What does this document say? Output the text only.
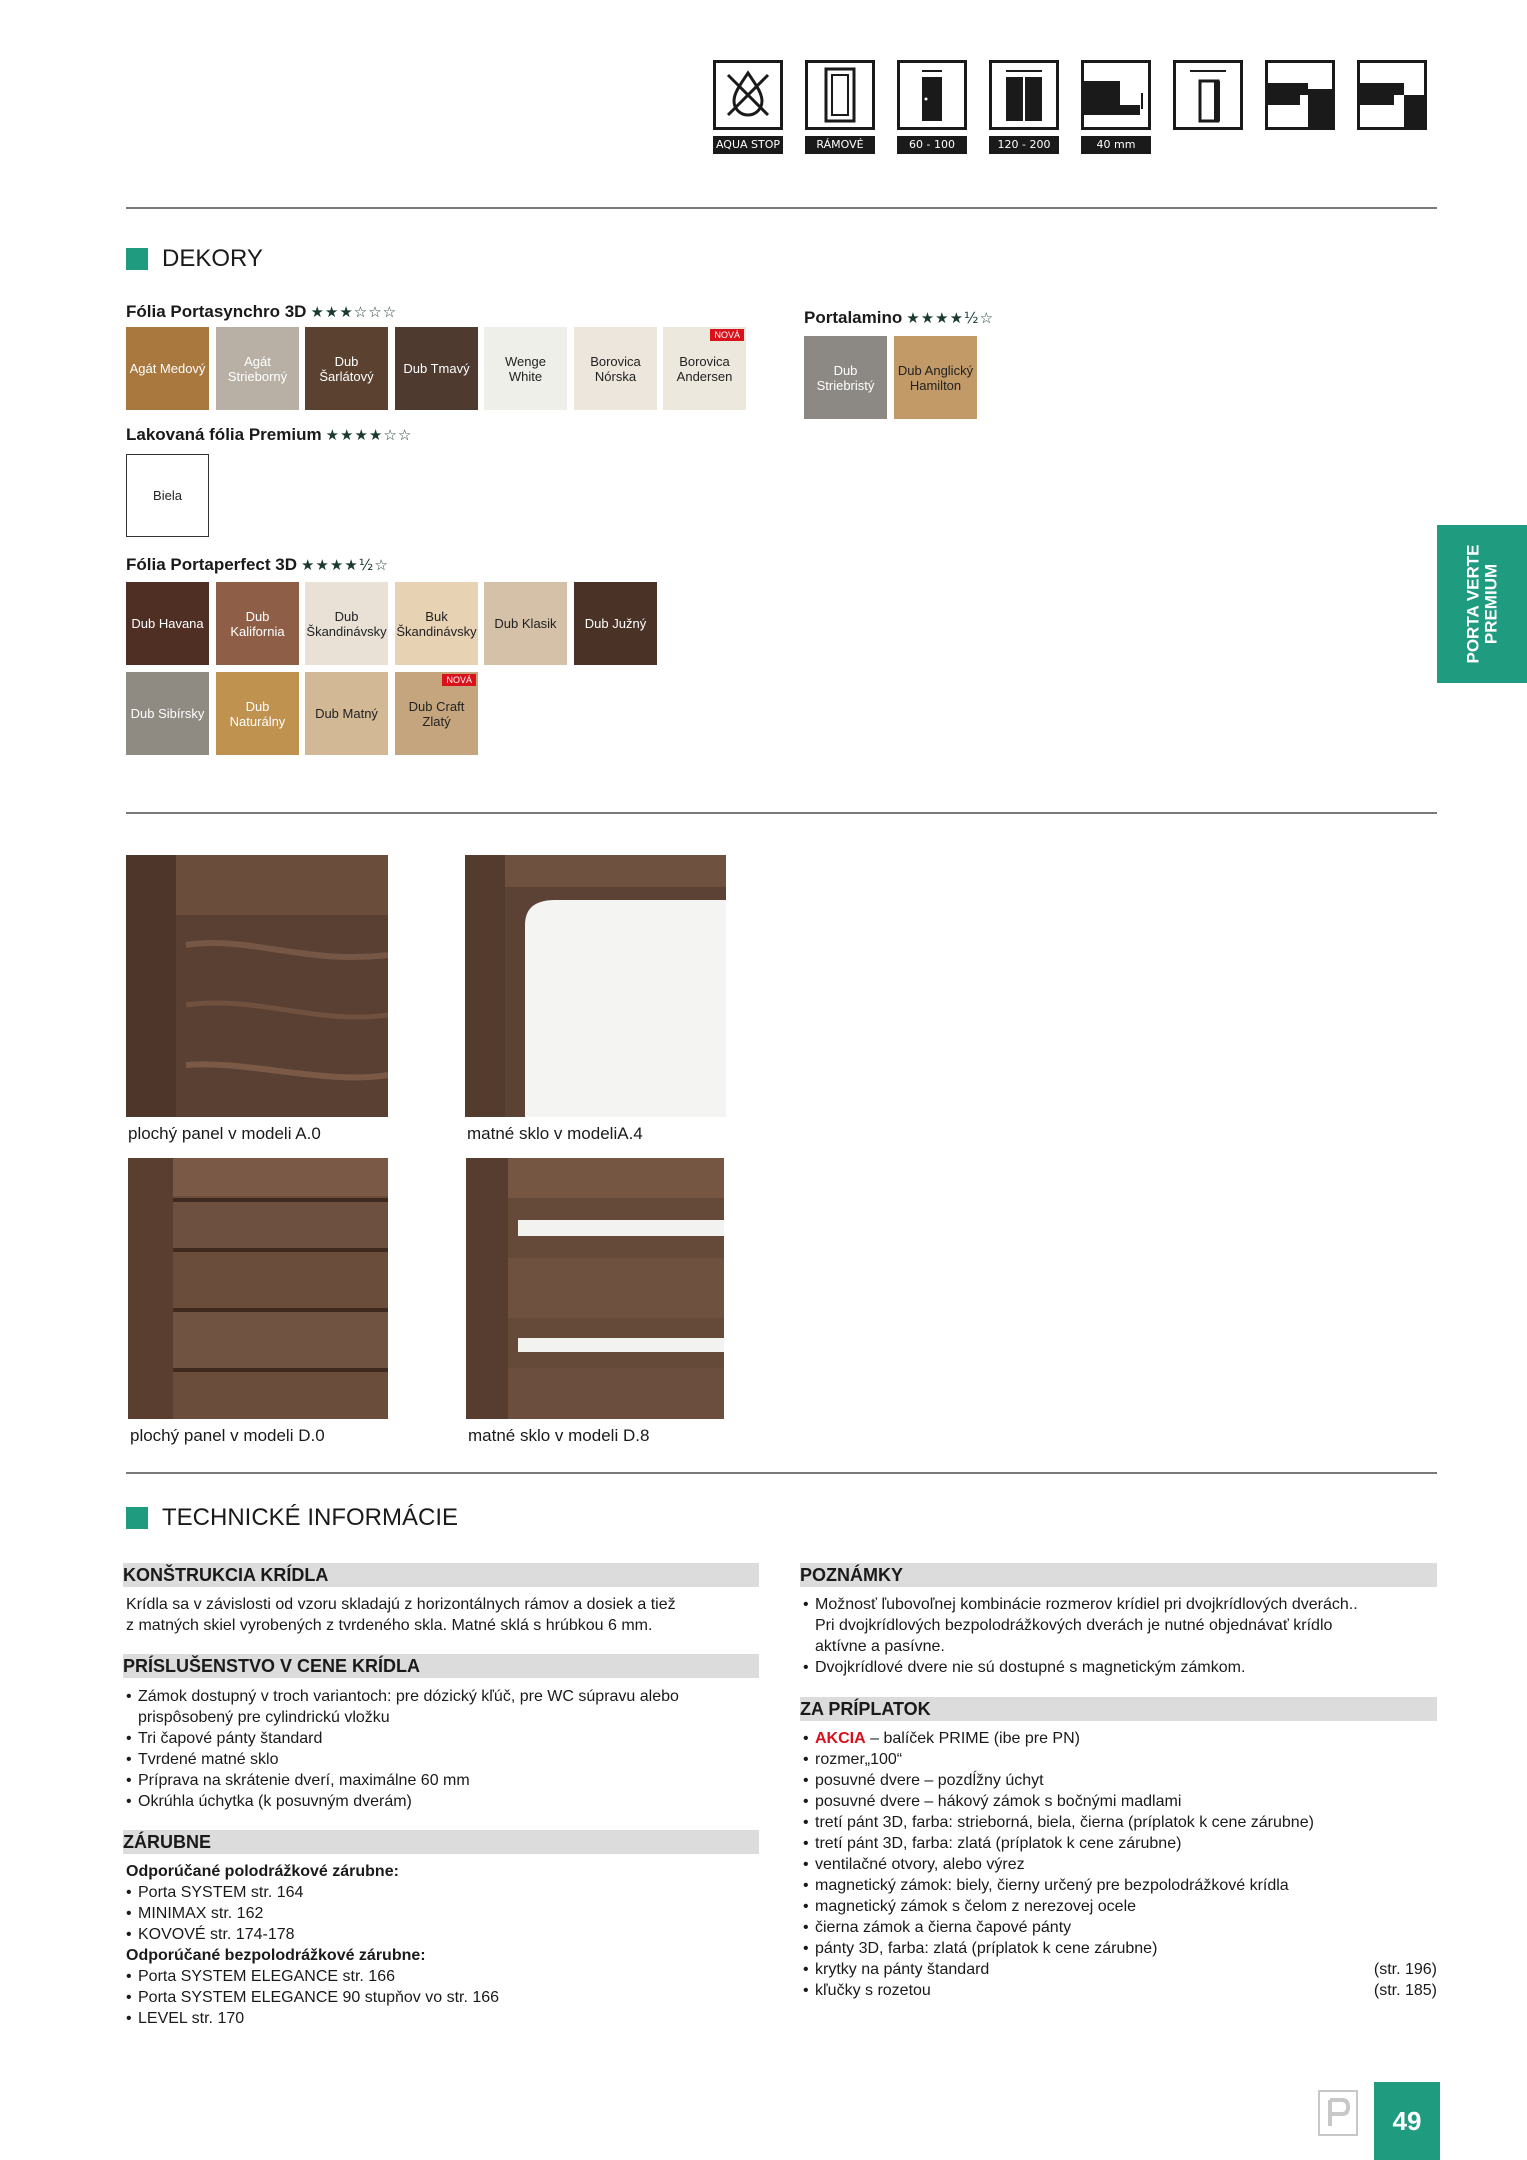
AQUA STOP	RÁMOVÉ	60 - 100	120 - 200	40 mm
DEKORY
Fólia Portasynchro 3D ★★★☆☆☆
Agát Medový	Agát Strieborný
Dub Šarlátový	Dub Tmavý	Wenge White
Borovica Nórska
Borovica Andersen
NOVÁ
Lakovaná fólia Premium ★★★★☆☆
Biela
Fólia Portaperfect 3D ★★★★½☆
Dub Havana	Dub Kalifornia
Dub Škandinávsky
Buk Škandinávsky Dub Klasik Dub Južný
Dub Sibírsky	Dub Naturálny	Dub Matný	Dub Craft Zlatý
NOVÁ
Portalamino ★★★★½☆
Dub Striebristý
Dub Anglický Hamilton
plochý panel v modeli A.0	matné sklo v modeliA.4
plochý panel v modeli D.0	matné sklo v modeli D.8
TECHNICKÉ INFORMÁCIE
KONŠTRUKCIA KRÍDLA
Krídla sa v závislosti od vzoru skladajú z horizontálnych rámov a dosiek a tiež
z matných skiel vyrobených z tvrdeného skla. Matné sklá s hrúbkou 6 mm.
PRÍSLUŠENSTVO V CENE KRÍDLA
• Zámok dostupný v troch variantoch: pre dózický kľúč, pre WC súpravu alebo prispôsobený pre cylindrickú vložku
• Tri čapové pánty štandard
• Tvrdené matné sklo
• Príprava na skrátenie dverí, maximálne 60 mm
• Okrúhla úchytka (k posuvným dverám)
ZÁRUBNE
Odporúčané polodrážkové zárubne:
• Porta SYSTEM str. 164
• MINIMAX str. 162
• KOVOVÉ str. 174-178
Odporúčané bezpolodrážkové zárubne:
• Porta SYSTEM ELEGANCE str. 166
• Porta SYSTEM ELEGANCE 90 stupňov vo str. 166
• LEVEL str. 170
POZNÁMKY
• Možnosť ľubovoľnej kombinácie rozmerov krídiel pri dvojkrídlových dverách.. Pri dvojkrídlových bezpolodrážkových dverách je nutné objednávať krídlo aktívne a pasívne.
• Dvojkrídlové dvere nie sú dostupné s magnetickým zámkom.
ZA PRÍPLATOK
• AKCIA – balíček PRIME (ibe pre PN)
• rozmer„100“
• posuvné dvere – pozdĺžny úchyt
• posuvné dvere – hákový zámok s bočnými madlami
• tretí pánt 3D, farba: strieborná, biela, čierna (príplatok k cene zárubne)
• tretí pánt 3D, farba: zlatá (príplatok k cene zárubne)
• ventilačné otvory, alebo výrez
• magnetický zámok: biely, čierny určený pre bezpolodrážkové krídla
• magnetický zámok s čelom z nerezovej ocele
• čierna zámok a čierna čapové pánty
• pánty 3D, farba: zlatá (príplatok k cene zárubne)
• krytky na pánty štandard	(str. 196)
• kľučky s rozetou	(str. 185)
PORTA VERTE PREMIUM
49
